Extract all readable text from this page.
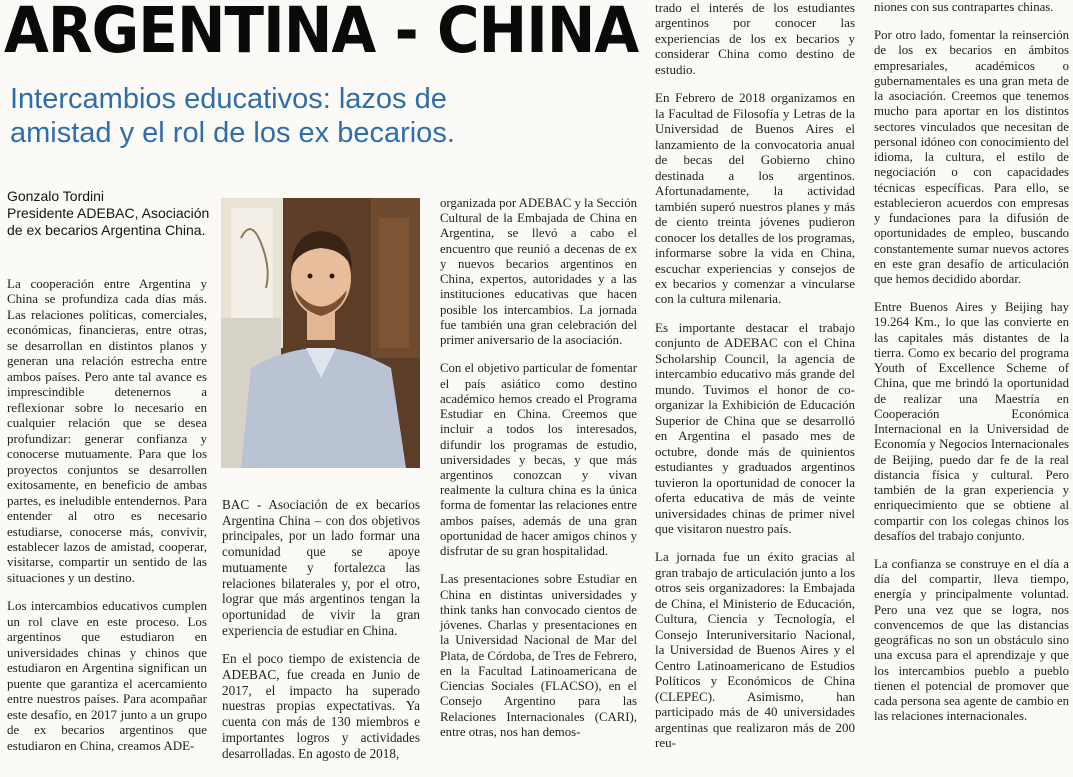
ARGENTINA - CHINA
Intercambios educativos: lazos de amistad y el rol de los ex becarios.
Gonzalo Tordini
Presidente ADEBAC, Asociación de ex becarios Argentina China.

La cooperación entre Argentina y China se profundiza cada días más. Las relaciones políticas, comerciales, económicas, financieras, entre otras, se desarrollan en distintos planos y generan una relación estrecha entre ambos países. Pero ante tal avance es imprescindible detenernos a reflexionar sobre lo necesario en cualquier relación que se desea profundizar: generar confianza y conocerse mutuamente. Para que los proyectos conjuntos se desarrollen exitosamente, en beneficio de ambas partes, es ineludible entendernos. Para entender al otro es necesario estudiarse, conocerse más, convivir, establecer lazos de amistad, cooperar, visitarse, compartir un sentido de las situaciones y un destino.

Los intercambios educativos cumplen un rol clave en este proceso. Los argentinos que estudiaron en universidades chinas y chinos que estudiaron en Argentina significan un puente que garantiza el acercamiento entre nuestros países. Para acompañar este desafío, en 2017 junto a un grupo de ex becarios argentinos que estudiaron en China, creamos ADE-

BAC - Asociación de ex becarios Argentina China – con dos objetivos principales, por un lado formar una comunidad que se apoye mutuamente y fortalezca las relaciones bilaterales y, por el otro, lograr que más argentinos tengan la oportunidad de vivir la gran experiencia de estudiar en China.

En el poco tiempo de existencia de ADEBAC, fue creada en Junio de 2017, el impacto ha superado nuestras propias expectativas. Ya cuenta con más de 130 miembros e importantes logros y actividades desarrolladas. En agosto de 2018,

organizada por ADEBAC y la Sección Cultural de la Embajada de China en Argentina, se llevó a cabo el encuentro que reunió a decenas de ex y nuevos becarios argentinos en China, expertos, autoridades y a las instituciones educativas que hacen posible los intercambios. La jornada fue también una gran celebración del primer aniversario de la asociación.

Con el objetivo particular de fomentar el país asiático como destino académico hemos creado el Programa Estudiar en China. Creemos que incluir a todos los interesados, difundir los programas de estudio, universidades y becas, y que más argentinos conozcan y vivan realmente la cultura china es la única forma de fomentar las relaciones entre ambos países, además de una gran oportunidad de hacer amigos chinos y disfrutar de su gran hospitalidad.

Las presentaciones sobre Estudiar en China en distintas universidades y think tanks han convocado cientos de jóvenes. Charlas y presentaciones en la Universidad Nacional de Mar del Plata, de Córdoba, de Tres de Febrero, en la Facultad Latinoamericana de Ciencias Sociales (FLACSO), en el Consejo Argentino para las Relaciones Internacionales (CARI), entre otras, nos han demos-

trado el interés de los estudiantes argentinos por conocer las experiencias de los ex becarios y considerar China como destino de estudio.

En Febrero de 2018 organizamos en la Facultad de Filosofía y Letras de la Universidad de Buenos Aires el lanzamiento de la convocatoria anual de becas del Gobierno chino destinada a los argentinos. Afortunadamente, la actividad también superó nuestros planes y más de ciento treinta jóvenes pudieron conocer los detalles de los programas, informarse sobre la vida en China, escuchar experiencias y consejos de ex becarios y comenzar a vincularse con la cultura milenaria.

Es importante destacar el trabajo conjunto de ADEBAC con el China Scholarship Council, la agencia de intercambio educativo más grande del mundo. Tuvimos el honor de co-organizar la Exhibición de Educación Superior de China que se desarrolló en Argentina el pasado mes de octubre, donde más de quinientos estudiantes y graduados argentinos tuvieron la oportunidad de conocer la oferta educativa de más de veinte universidades chinas de primer nivel que visitaron nuestro país.

La jornada fue un éxito gracias al gran trabajo de articulación junto a los otros seis organizadores: la Embajada de China, el Ministerio de Educación, Cultura, Ciencia y Tecnología, el Consejo Interuniversitario Nacional, la Universidad de Buenos Aires y el Centro Latinoamericano de Estudios Políticos y Económicos de China (CLEPEC). Asimismo, han participado más de 40 universidades argentinas que realizaron más de 200 reu-

niones con sus contrapartes chinas.

Por otro lado, fomentar la reinserción de los ex becarios en ámbitos empresariales, académicos o gubernamentales es una gran meta de la asociación. Creemos que tenemos mucho para aportar en los distintos sectores vinculados que necesitan de personal idóneo con conocimiento del idioma, la cultura, el estilo de negociación o con capacidades técnicas específicas. Para ello, se establecieron acuerdos con empresas y fundaciones para la difusión de oportunidades de empleo, buscando constantemente sumar nuevos actores en este gran desafío de articulación que hemos decidido abordar.

Entre Buenos Aires y Beijing hay 19.264 Km., lo que las convierte en las capitales más distantes de la tierra. Como ex becario del programa Youth of Excellence Scheme of China, que me brindó la oportunidad de realizar una Maestría en Cooperación Económica Internacional en la Universidad de Economía y Negocios Internacionales de Beijing, puedo dar fe de la real distancia física y cultural. Pero también de la gran experiencia y enriquecimiento que se obtiene al compartir con los colegas chinos los desafíos del trabajo conjunto.

La confianza se construye en el día a día del compartir, lleva tiempo, energía y principalmente voluntad. Pero una vez que se logra, nos convencemos de que las distancias geográficas no son un obstáculo sino una excusa para el aprendizaje y que los intercambios pueblo a pueblo tienen el potencial de promover que cada persona sea agente de cambio en las relaciones internacionales.
